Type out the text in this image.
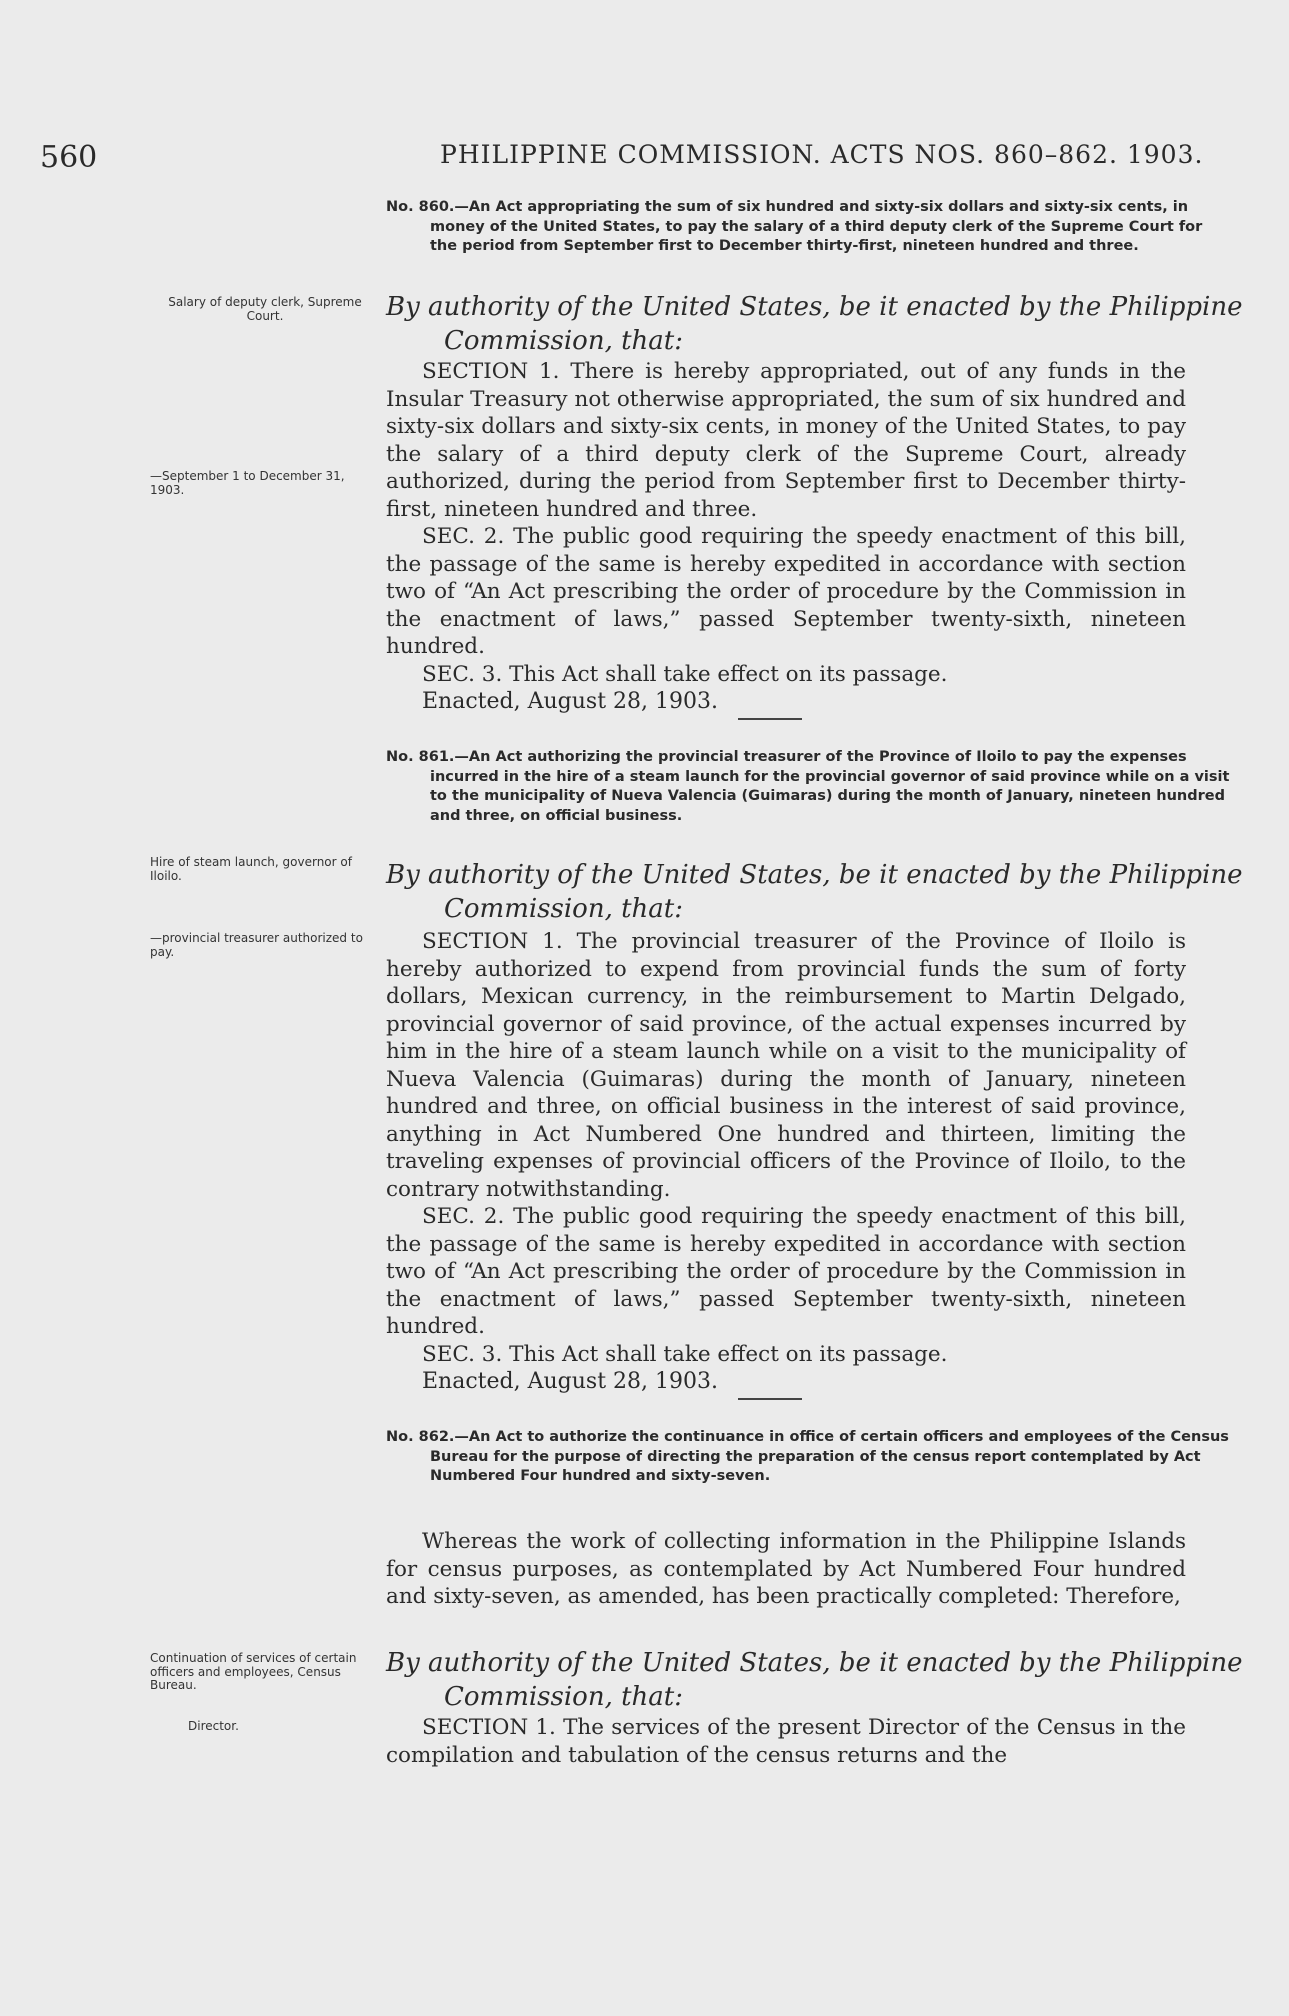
560	PHILIPPINE COMMISSION. ACTS NOS. 860–862. 1903.

No. 860.—An Act appropriating the sum of six hundred and sixty-six dollars and sixty-six cents, in money of the United States, to pay the salary of a third deputy clerk of the Supreme Court for the period from September first to December thirty-first, nineteen hundred and three.

Salary of deputy clerk, Supreme Court.	By authority of the United States, be it enacted by the Philippine Commission, that:

—September 1 to December 31, 1903.

SECTION 1. There is hereby appropriated, out of any funds in the Insular Treasury not otherwise appropriated, the sum of six hundred and sixty-six dollars and sixty-six cents, in money of the United States, to pay the salary of a third deputy clerk of the Supreme Court, already authorized, during the period from September first to December thirty-first, nineteen hundred and three.

SEC. 2. The public good requiring the speedy enactment of this bill, the passage of the same is hereby expedited in accordance with section two of “An Act prescribing the order of procedure by the Commission in the enactment of laws,” passed September twenty-sixth, nineteen hundred.

SEC. 3. This Act shall take effect on its passage.

Enacted, August 28, 1903.

No. 861.—An Act authorizing the provincial treasurer of the Province of Iloilo to pay the expenses incurred in the hire of a steam launch for the provincial governor of said province while on a visit to the municipality of Nueva Valencia (Guimaras) during the month of January, nineteen hundred and three, on official business.

Hire of steam launch, governor of Iloilo.	By authority of the United States, be it enacted by the Philippine Commission, that:

—provincial treasurer authorized to pay.	SECTION 1. The provincial treasurer of the Province of Iloilo is hereby authorized to expend from provincial funds the sum of forty dollars, Mexican currency, in the reimbursement to Martin Delgado, provincial governor of said province, of the actual expenses incurred by him in the hire of a steam launch while on a visit to the municipality of Nueva Valencia (Guimaras) during the month of January, nineteen hundred and three, on official business in the interest of said province, anything in Act Numbered One hundred and thirteen, limiting the traveling expenses of provincial officers of the Province of Iloilo, to the contrary notwithstanding.

SEC. 2. The public good requiring the speedy enactment of this bill, the passage of the same is hereby expedited in accordance with section two of “An Act prescribing the order of procedure by the Commission in the enactment of laws,” passed September twenty-sixth, nineteen hundred.

SEC. 3. This Act shall take effect on its passage.

Enacted, August 28, 1903.

No. 862.—An Act to authorize the continuance in office of certain officers and employees of the Census Bureau for the purpose of directing the preparation of the census report contemplated by Act Numbered Four hundred and sixty-seven.

Whereas the work of collecting information in the Philippine Islands for census purposes, as contemplated by Act Numbered Four hundred and sixty-seven, as amended, has been practically completed: Therefore,

Continuation of services of certain officers and employees, Census Bureau.

Director.

By authority of the United States, be it enacted by the Philippine Commission, that:

SECTION 1. The services of the present Director of the Census in the compilation and tabulation of the census returns and the
